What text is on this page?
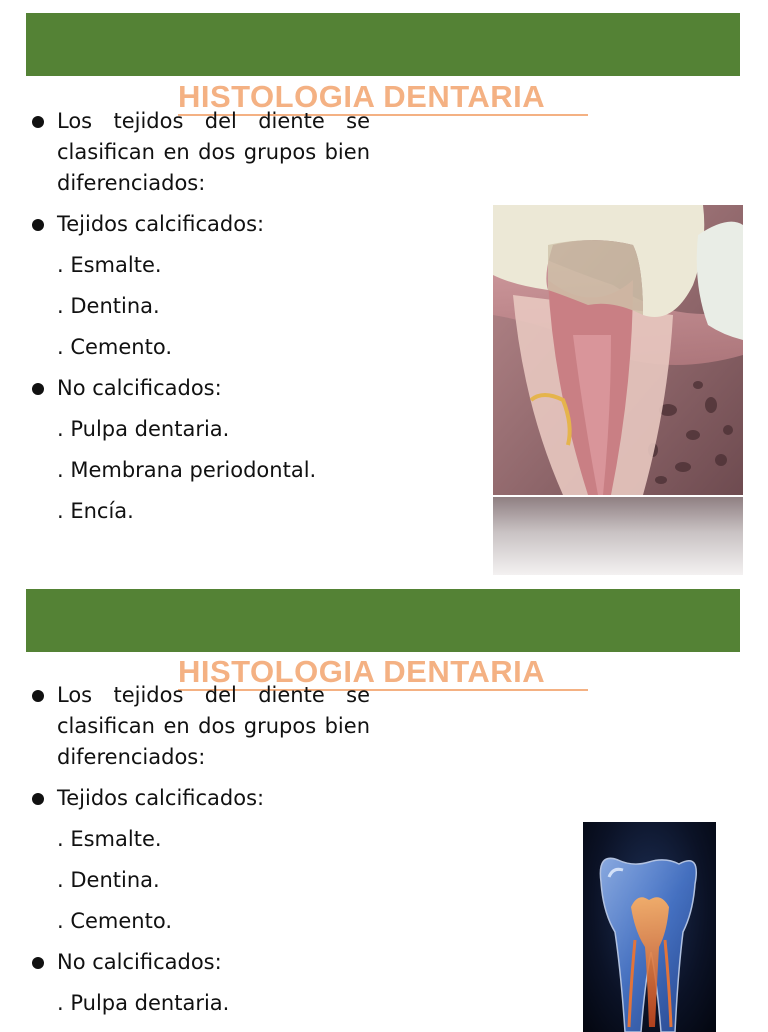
HISTOLOGIA DENTARIA
Los tejidos del diente se clasifican en dos grupos bien diferenciados:
Tejidos calcificados:
. Esmalte.
. Dentina.
. Cemento.
No calcificados:
. Pulpa dentaria.
. Membrana periodontal.
. Encía.
HISTOLOGIA DENTARIA
Los tejidos del diente se clasifican en dos grupos bien diferenciados:
Tejidos calcificados:
. Esmalte.
. Dentina.
. Cemento.
No calcificados:
. Pulpa dentaria.
